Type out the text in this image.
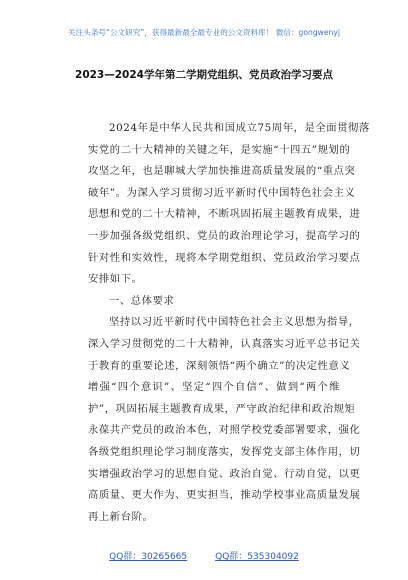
关注头条号“公文研究”，获得最新最全最专业的公文资料库！ 微信：gongwenyj
2023—2024学年第二学期党组织、党员政治学习要点
2024年是中华人民共和国成立75周年，是全面贯彻落
实党的二十大精神的关键之年，是实施“十四五”规划的
攻坚之年，也是聊城大学加快推进高质量发展的“重点突
破年”。为深入学习贯彻习近平新时代中国特色社会主义
思想和党的二十大精神，不断巩固拓展主题教育成果，进
一步加强各级党组织、党员的政治理论学习，提高学习的
针对性和实效性，现将本学期党组织、党员政治学习要点
安排如下。
一、总体要求
坚持以习近平新时代中国特色社会主义思想为指导，
深入学习贯彻党的二十大精神，认真落实习近平总书记关
于教育的重要论述，深刻领悟“两个确立”的决定性意义
增强“四个意识”、坚定“四个自信”、做到“两个维
护”，巩固拓展主题教育成果，严守政治纪律和政治规矩
永葆共产党员的政治本色，对照学校党委部署要求，强化
各级党组织理论学习制度落实，发挥党支部主体作用，切
实增强政治学习的思想自觉、政治自觉、行动自觉，以更
高质量、更大作为、更实担当，推动学校事业高质量发展
再上新台阶。
QQ群：30265665	QQ群：535304092
